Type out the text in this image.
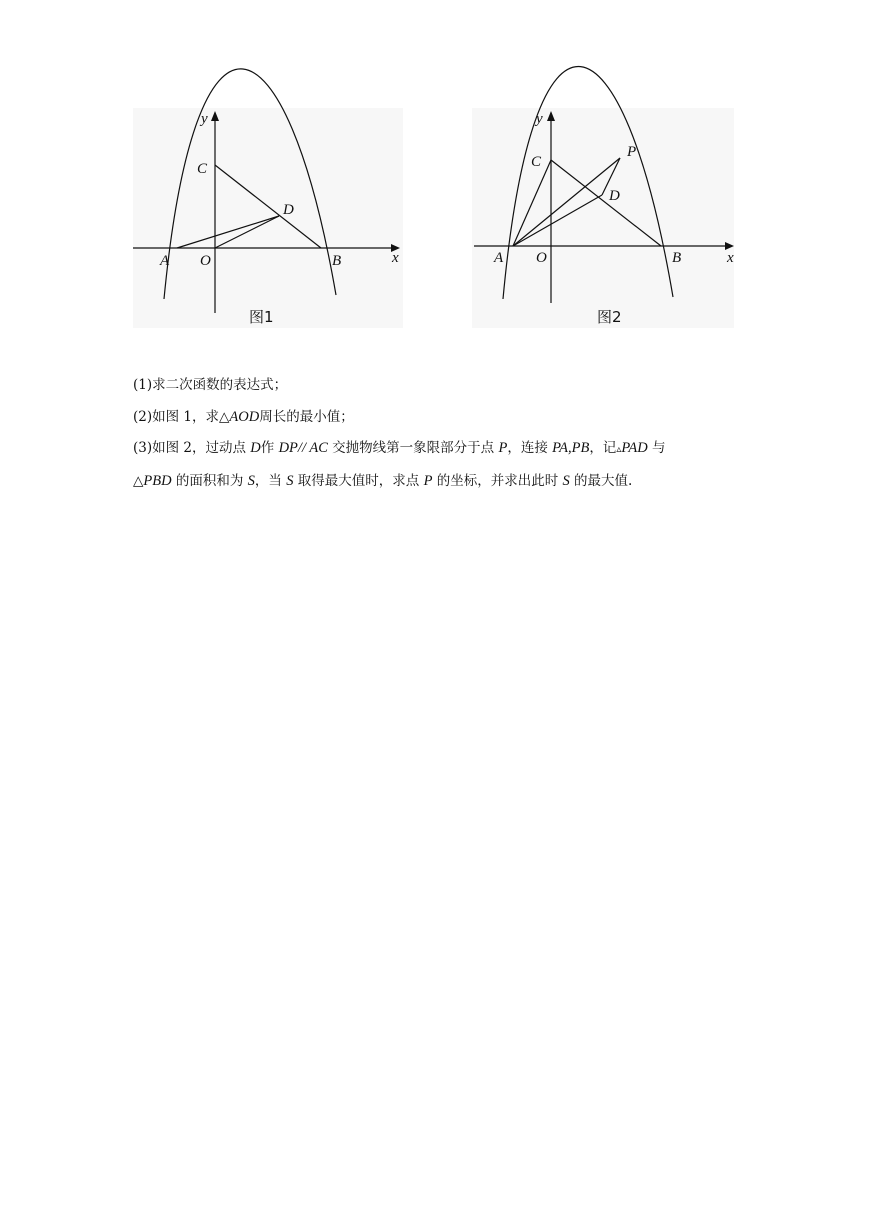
y
x
C
D
A O	B
图1
y
x
C
P
D
A O	B
图2
(1)求二次函数的表达式；
(2)如图 1，求△AOD周长的最小值；
(3)如图 2，过动点 D作 DP// AC 交抛物线第一象限部分于点 P，连接 PA,PB，记▵PAD 与
△PBD 的面积和为 S，当 S 取得最大值时，求点 P 的坐标，并求出此时 S 的最大值.
